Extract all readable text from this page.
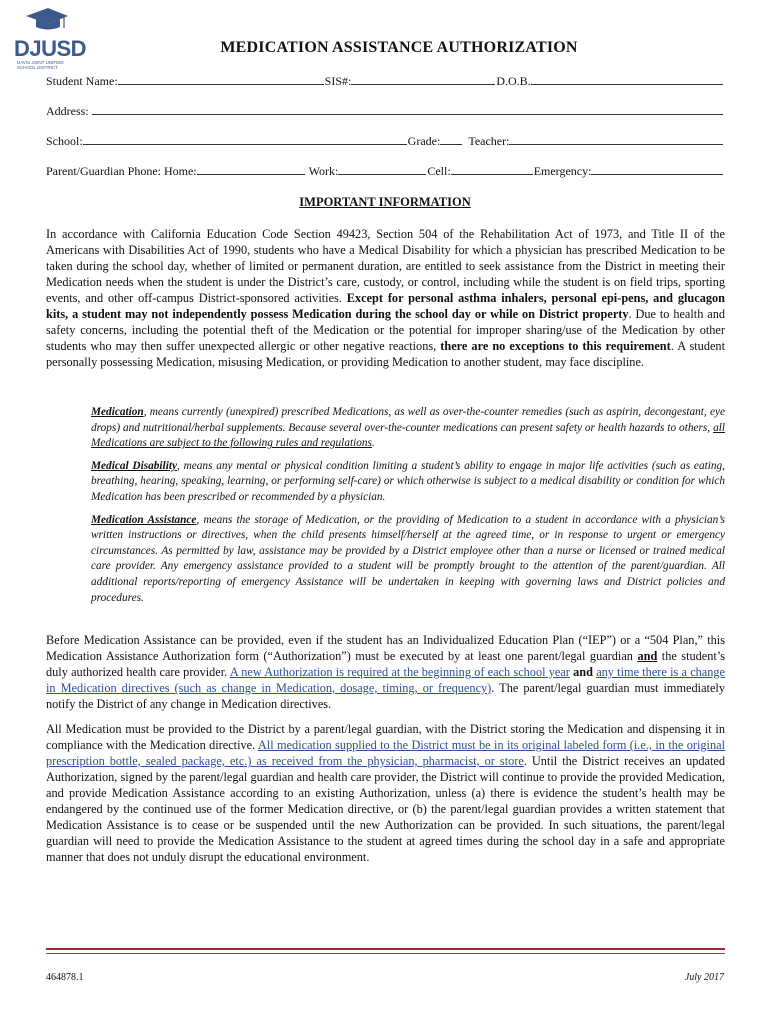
DJUSD
DAVIS JOINT UNIFIED
SCHOOL DISTRICT
MEDICATION ASSISTANCE AUTHORIZATION
Student Name:	SIS#:	D.O.B.
Address:
School:	Grade: Teacher:
Parent/Guardian Phone: Home:	Work:	Cell:	Emergency:
IMPORTANT INFORMATION
In accordance with California Education Code Section 49423, Section 504 of the Rehabilitation Act of 1973, and Title II of the Americans with Disabilities Act of 1990, students who have a Medical Disability for which a physician has prescribed Medication to be taken during the school day, whether of limited or permanent duration, are entitled to seek assistance from the District in meeting their Medication needs when the student is under the District’s care, custody, or control, including while the student is on field trips, sporting events, and other off-campus District-sponsored activities. Except for personal asthma inhalers, personal epi-pens, and glucagon kits, a student may not independently possess Medication during the school day or while on District property. Due to health and safety concerns, including the potential theft of the Medication or the potential for improper sharing/use of the Medication by other students who may then suffer unexpected allergic or other negative reactions, there are no exceptions to this requirement. A student personally possessing Medication, misusing Medication, or providing Medication to another student, may face discipline.

Medication, means currently (unexpired) prescribed Medications, as well as over-the-counter remedies (such as aspirin, decongestant, eye drops) and nutritional/herbal supplements. Because several over-the-counter medications can present safety or health hazards to others, all Medications are subject to the following rules and regulations.

Medical Disability, means any mental or physical condition limiting a student’s ability to engage in major life activities (such as eating, breathing, hearing, speaking, learning, or performing self-care) or which otherwise is subject to a medical disability or condition for which Medication has been prescribed or recommended by a physician.

Medication Assistance, means the storage of Medication, or the providing of Medication to a student in accordance with a physician’s written instructions or directives, when the child presents himself/herself at the agreed time, or in response to urgent or emergency circumstances. As permitted by law, assistance may be provided by a District employee other than a nurse or licensed or trained medical care provider. Any emergency assistance provided to a student will be promptly brought to the attention of the parent/guardian. All additional reports/reporting of emergency Assistance will be undertaken in keeping with governing laws and District policies and procedures.

Before Medication Assistance can be provided, even if the student has an Individualized Education Plan (“IEP”) or a “504 Plan,” this Medication Assistance Authorization form (“Authorization”) must be executed by at least one parent/legal guardian and the student’s duly authorized health care provider. A new Authorization is required at the beginning of each school year and any time there is a change in Medication directives (such as change in Medication, dosage, timing, or frequency). The parent/legal guardian must immediately notify the District of any change in Medication directives.
All Medication must be provided to the District by a parent/legal guardian, with the District storing the Medication and dispensing it in compliance with the Medication directive. All medication supplied to the District must be in its original labeled form (i.e., in the original prescription bottle, sealed package, etc.) as received from the physician, pharmacist, or store. Until the District receives an updated Authorization, signed by the parent/legal guardian and health care provider, the District will continue to provide the provided Medication, and provide Medication Assistance according to an existing Authorization, unless (a) there is evidence the student’s health may be endangered by the continued use of the former Medication directive, or (b) the parent/legal guardian provides a written statement that Medication Assistance is to cease or be suspended until the new Authorization can be provided. In such situations, the parent/legal guardian will need to provide the Medication Assistance to the student at agreed times during the school day in a safe and appropriate manner that does not unduly disrupt the educational environment.
464878.1	July 2017
